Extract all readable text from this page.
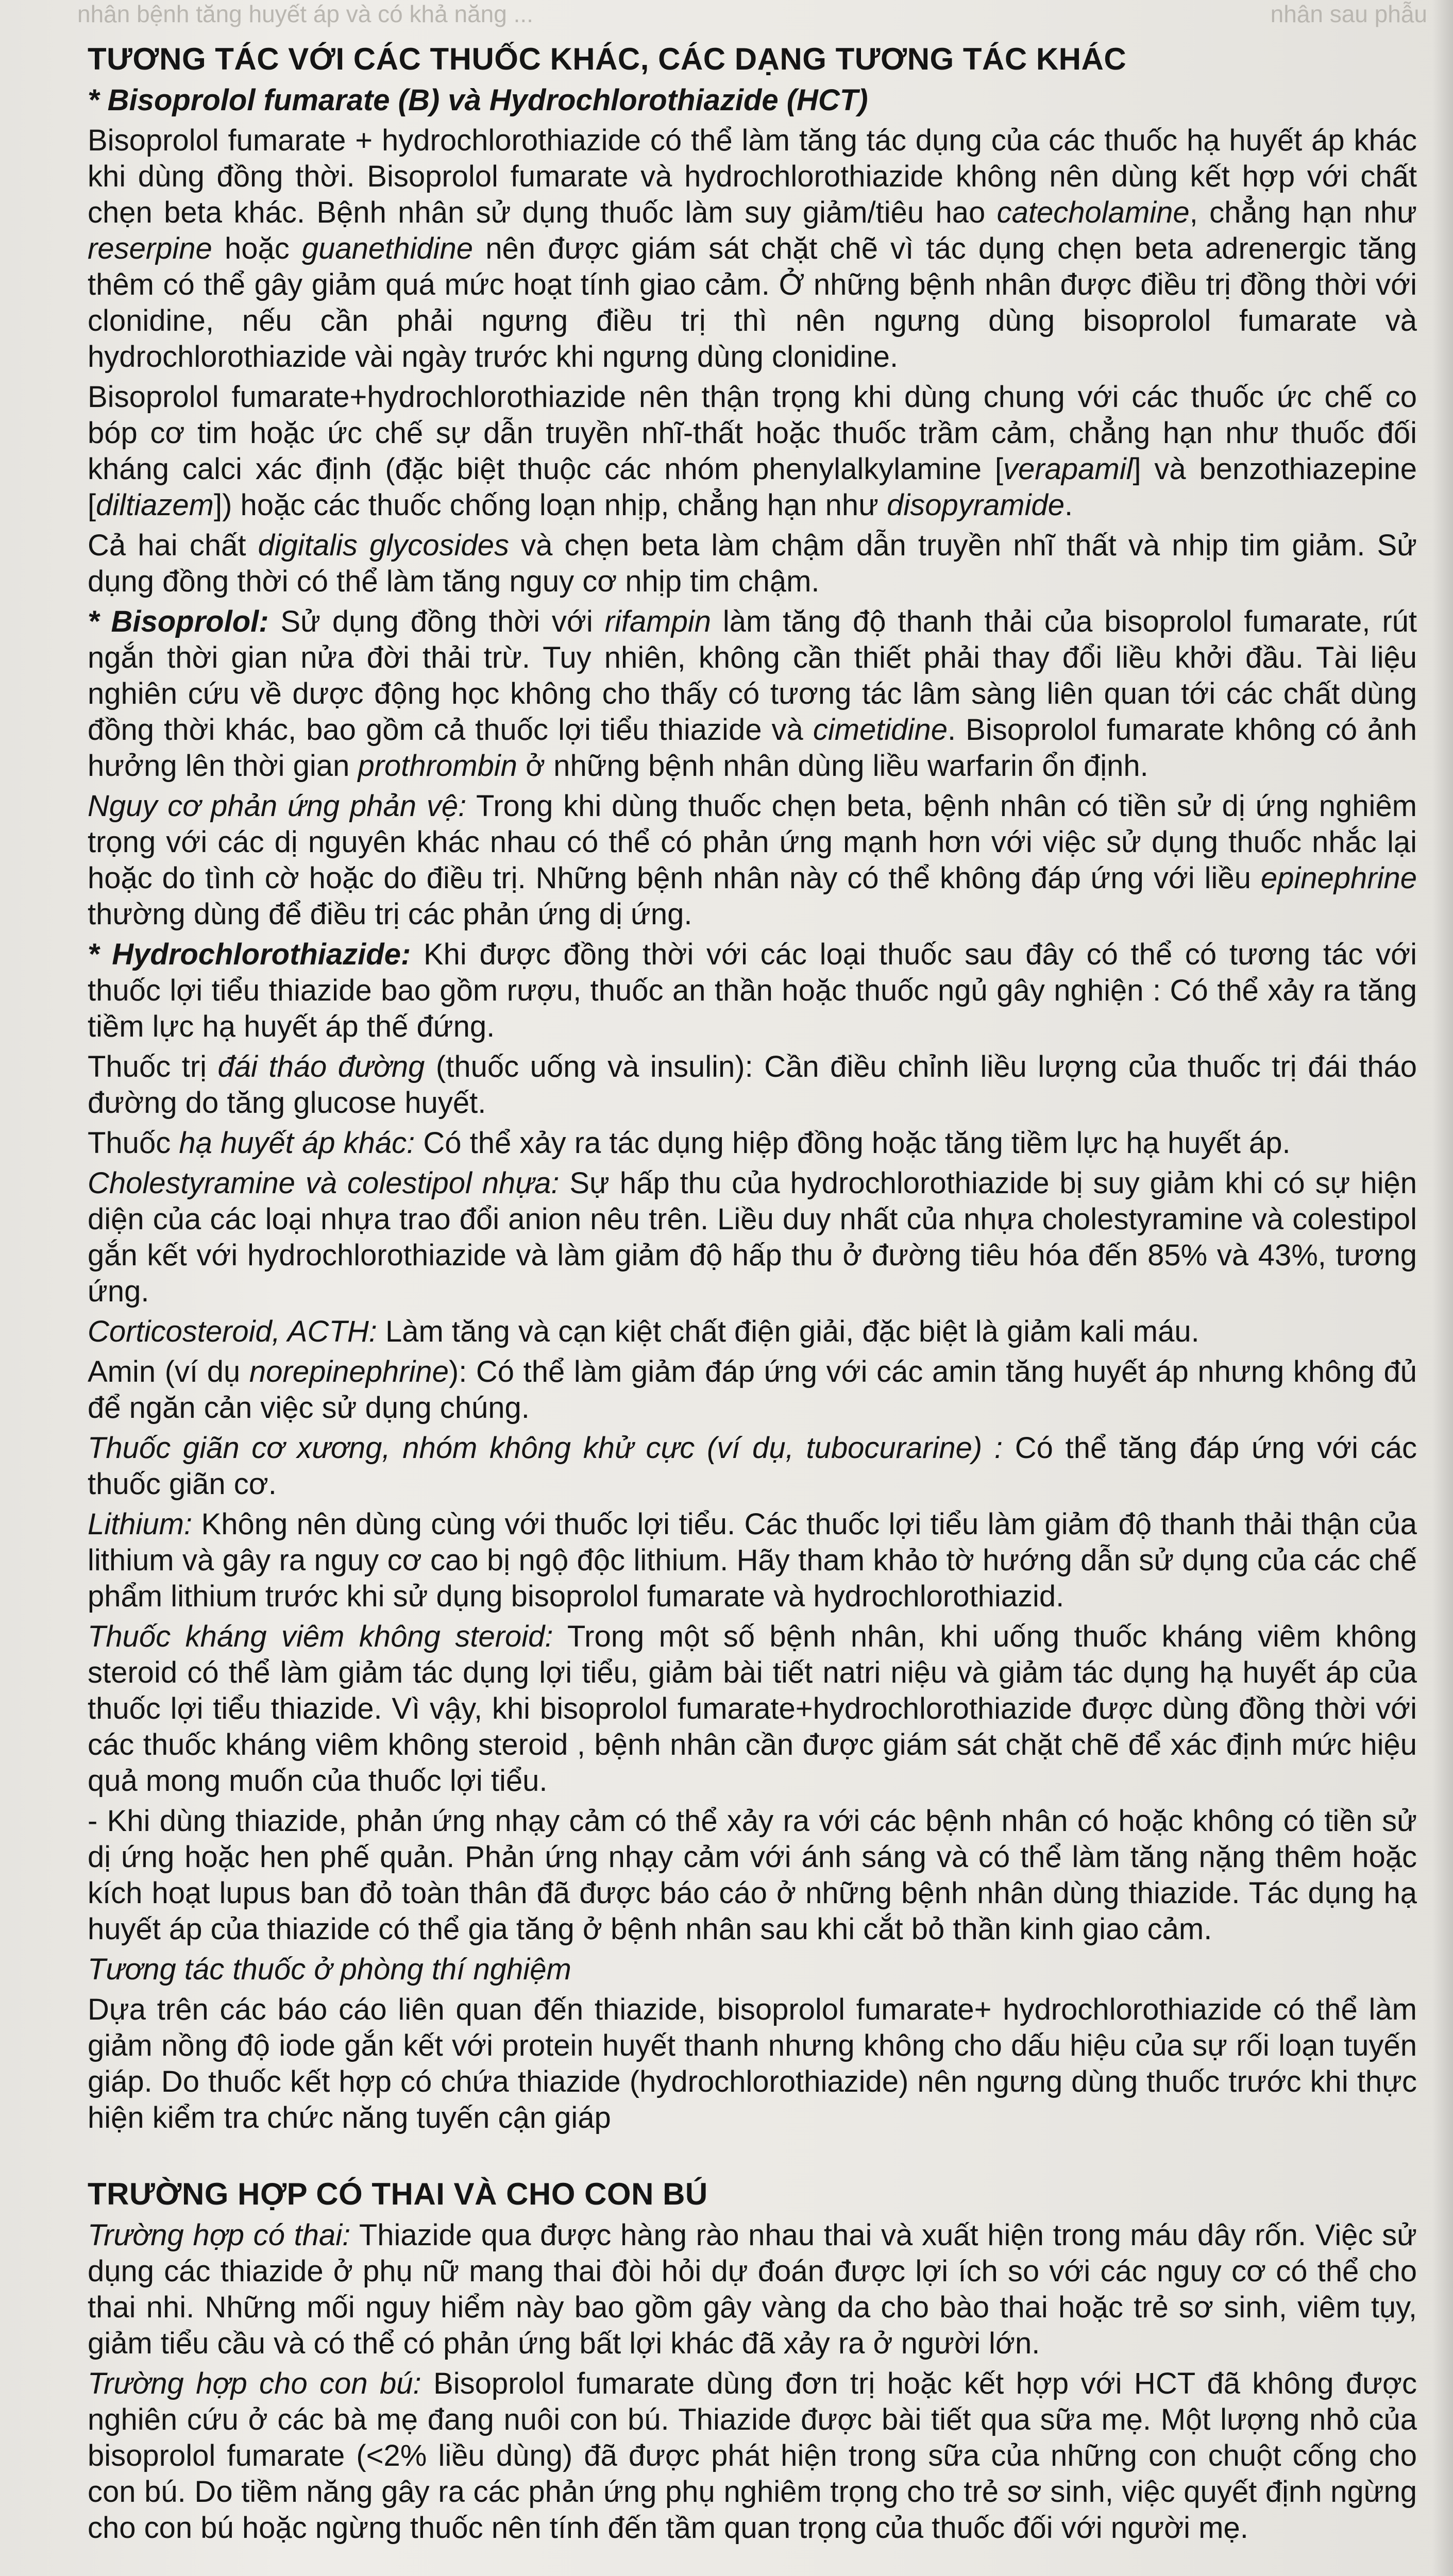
nhân bệnh tăng huyết áp và có khả năng ...	nhân sau phẫu
TƯƠNG TÁC VỚI CÁC THUỐC KHÁC, CÁC DẠNG TƯƠNG TÁC KHÁC

* Bisoprolol fumarate (B) và Hydrochlorothiazide (HCT)

Bisoprolol fumarate + hydrochlorothiazide có thể làm tăng tác dụng của các thuốc hạ huyết áp khác khi dùng đồng thời. Bisoprolol fumarate và hydrochlorothiazide không nên dùng kết hợp với chất chẹn beta khác. Bệnh nhân sử dụng thuốc làm suy giảm/tiêu hao catecholamine, chẳng hạn như reserpine hoặc guanethidine nên được giám sát chặt chẽ vì tác dụng chẹn beta adrenergic tăng thêm có thể gây giảm quá mức hoạt tính giao cảm. Ở những bệnh nhân được điều trị đồng thời với clonidine, nếu cần phải ngưng điều trị thì nên ngưng dùng bisoprolol fumarate và hydrochlorothiazide vài ngày trước khi ngưng dùng clonidine.

Bisoprolol fumarate+hydrochlorothiazide nên thận trọng khi dùng chung với các thuốc ức chế co bóp cơ tim hoặc ức chế sự dẫn truyền nhĩ-thất hoặc thuốc trầm cảm, chẳng hạn như thuốc đối kháng calci xác định (đặc biệt thuộc các nhóm phenylalkylamine [verapamil] và benzothiazepine [diltiazem]) hoặc các thuốc chống loạn nhịp, chẳng hạn như disopyramide.

Cả hai chất digitalis glycosides và chẹn beta làm chậm dẫn truyền nhĩ thất và nhịp tim giảm. Sử dụng đồng thời có thể làm tăng nguy cơ nhịp tim chậm.

* Bisoprolol: Sử dụng đồng thời với rifampin làm tăng độ thanh thải của bisoprolol fumarate, rút ngắn thời gian nửa đời thải trừ. Tuy nhiên, không cần thiết phải thay đổi liều khởi đầu. Tài liệu nghiên cứu về dược động học không cho thấy có tương tác lâm sàng liên quan tới các chất dùng đồng thời khác, bao gồm cả thuốc lợi tiểu thiazide và cimetidine. Bisoprolol fumarate không có ảnh hưởng lên thời gian prothrombin ở những bệnh nhân dùng liều warfarin ổn định.

Nguy cơ phản ứng phản vệ: Trong khi dùng thuốc chẹn beta, bệnh nhân có tiền sử dị ứng nghiêm trọng với các dị nguyên khác nhau có thể có phản ứng mạnh hơn với việc sử dụng thuốc nhắc lại hoặc do tình cờ hoặc do điều trị. Những bệnh nhân này có thể không đáp ứng với liều epinephrine thường dùng để điều trị các phản ứng dị ứng.

* Hydrochlorothiazide: Khi được đồng thời với các loại thuốc sau đây có thể có tương tác với thuốc lợi tiểu thiazide bao gồm rượu, thuốc an thần hoặc thuốc ngủ gây nghiện : Có thể xảy ra tăng tiềm lực hạ huyết áp thế đứng.

Thuốc trị đái tháo đường (thuốc uống và insulin): Cần điều chỉnh liều lượng của thuốc trị đái tháo đường do tăng glucose huyết.

Thuốc hạ huyết áp khác: Có thể xảy ra tác dụng hiệp đồng hoặc tăng tiềm lực hạ huyết áp.

Cholestyramine và colestipol nhựa: Sự hấp thu của hydrochlorothiazide bị suy giảm khi có sự hiện diện của các loại nhựa trao đổi anion nêu trên. Liều duy nhất của nhựa cholestyramine và colestipol gắn kết với hydrochlorothiazide và làm giảm độ hấp thu ở đường tiêu hóa đến 85% và 43%, tương ứng.

Corticosteroid, ACTH: Làm tăng và cạn kiệt chất điện giải, đặc biệt là giảm kali máu.

Amin (ví dụ norepinephrine): Có thể làm giảm đáp ứng với các amin tăng huyết áp nhưng không đủ để ngăn cản việc sử dụng chúng.

Thuốc giãn cơ xương, nhóm không khử cực (ví dụ, tubocurarine) : Có thể tăng đáp ứng với các thuốc giãn cơ.

Lithium: Không nên dùng cùng với thuốc lợi tiểu. Các thuốc lợi tiểu làm giảm độ thanh thải thận của lithium và gây ra nguy cơ cao bị ngộ độc lithium. Hãy tham khảo tờ hướng dẫn sử dụng của các chế phẩm lithium trước khi sử dụng bisoprolol fumarate và hydrochlorothiazid.

Thuốc kháng viêm không steroid: Trong một số bệnh nhân, khi uống thuốc kháng viêm không steroid có thể làm giảm tác dụng lợi tiểu, giảm bài tiết natri niệu và giảm tác dụng hạ huyết áp của thuốc lợi tiểu thiazide. Vì vậy, khi bisoprolol fumarate+hydrochlorothiazide được dùng đồng thời với các thuốc kháng viêm không steroid , bệnh nhân cần được giám sát chặt chẽ để xác định mức hiệu quả mong muốn của thuốc lợi tiểu.

- Khi dùng thiazide, phản ứng nhạy cảm có thể xảy ra với các bệnh nhân có hoặc không có tiền sử dị ứng hoặc hen phế quản. Phản ứng nhạy cảm với ánh sáng và có thể làm tăng nặng thêm hoặc kích hoạt lupus ban đỏ toàn thân đã được báo cáo ở những bệnh nhân dùng thiazide. Tác dụng hạ huyết áp của thiazide có thể gia tăng ở bệnh nhân sau khi cắt bỏ thần kinh giao cảm.

Tương tác thuốc ở phòng thí nghiệm

Dựa trên các báo cáo liên quan đến thiazide, bisoprolol fumarate+ hydrochlorothiazide có thể làm giảm nồng độ iode gắn kết với protein huyết thanh nhưng không cho dấu hiệu của sự rối loạn tuyến giáp. Do thuốc kết hợp có chứa thiazide (hydrochlorothiazide) nên ngưng dùng thuốc trước khi thực hiện kiểm tra chức năng tuyến cận giáp

TRƯỜNG HỢP CÓ THAI VÀ CHO CON BÚ

Trường hợp có thai: Thiazide qua được hàng rào nhau thai và xuất hiện trong máu dây rốn. Việc sử dụng các thiazide ở phụ nữ mang thai đòi hỏi dự đoán được lợi ích so với các nguy cơ có thể cho thai nhi. Những mối nguy hiểm này bao gồm gây vàng da cho bào thai hoặc trẻ sơ sinh, viêm tụy, giảm tiểu cầu và có thể có phản ứng bất lợi khác đã xảy ra ở người lớn.

Trường hợp cho con bú: Bisoprolol fumarate dùng đơn trị hoặc kết hợp với HCT đã không được nghiên cứu ở các bà mẹ đang nuôi con bú. Thiazide được bài tiết qua sữa mẹ. Một lượng nhỏ của bisoprolol fumarate (<2% liều dùng) đã được phát hiện trong sữa của những con chuột cống cho con bú. Do tiềm năng gây ra các phản ứng phụ nghiêm trọng cho trẻ sơ sinh, việc quyết định ngừng cho con bú hoặc ngừng thuốc nên tính đến tầm quan trọng của thuốc đối với người mẹ.
